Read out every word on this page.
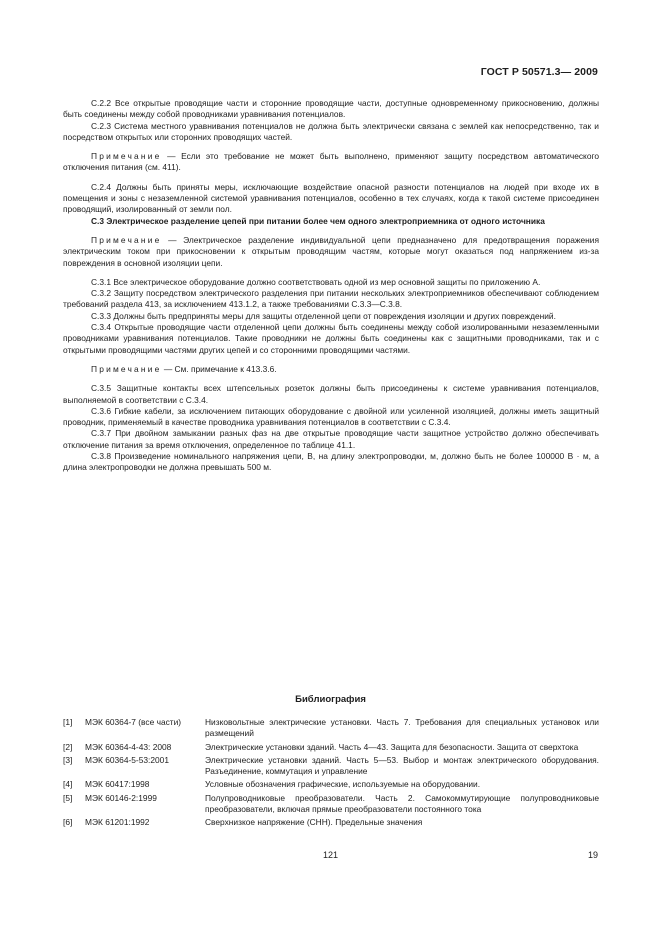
ГОСТ Р 50571.3— 2009

C.2.2 Все открытые проводящие части и сторонние проводящие части, доступные одновременному прикосновению, должны быть соединены между собой проводниками уравнивания потенциалов.

C.2.3 Система местного уравнивания потенциалов не должна быть электрически связана с землей как непосредственно, так и посредством открытых или сторонних проводящих частей.

Примечание — Если это требование не может быть выполнено, применяют защиту посредством автоматического отключения питания (см. 411).

C.2.4 Должны быть приняты меры, исключающие воздействие опасной разности потенциалов на людей при входе их в помещения и зоны с незаземленной системой уравнивания потенциалов, особенно в тех случаях, когда к такой системе присоединен проводящий, изолированный от земли пол.

C.3 Электрическое разделение цепей при питании более чем одного электроприемника от одного источника

Примечание — Электрическое разделение индивидуальной цепи предназначено для предотвращения поражения электрическим током при прикосновении к открытым проводящим частям, которые могут оказаться под напряжением из-за повреждения в основной изоляции цепи.

C.3.1 Все электрическое оборудование должно соответствовать одной из мер основной защиты по приложению А.

C.3.2 Защиту посредством электрического разделения при питании нескольких электроприемников обеспечивают соблюдением требований раздела 413, за исключением 413.1.2, а также требованиями C.3.3—C.3.8.

C.3.3 Должны быть предприняты меры для защиты отделенной цепи от повреждения изоляции и других повреждений.

C.3.4 Открытые проводящие части отделенной цепи должны быть соединены между собой изолированными незаземленными проводниками уравнивания потенциалов. Такие проводники не должны быть соединены как с защитными проводниками, так и с открытыми проводящими частями других цепей и со сторонними проводящими частями.

Примечание — См. примечание к 413.3.6.

C.3.5 Защитные контакты всех штепсельных розеток должны быть присоединены к системе уравнивания потенциалов, выполняемой в соответствии с C.3.4.

C.3.6 Гибкие кабели, за исключением питающих оборудование с двойной или усиленной изоляцией, должны иметь защитный проводник, применяемый в качестве проводника уравнивания потенциалов в соответствии с C.3.4.

C.3.7 При двойном замыкании разных фаз на две открытые проводящие части защитное устройство должно обеспечивать отключение питания за время отключения, определенное по таблице 41.1.

C.3.8 Произведение номинального напряжения цепи, В, на длину электропроводки, м, должно быть не более 100000 В · м, а длина электропроводки не должна превышать 500 м.

Библиография
[1]	МЭК 60364-7 (все части)	Низковольтные электрические установки. Часть 7. Требования для специальных установок или размещений
[2]	МЭК 60364-4-43: 2008	Электрические установки зданий. Часть 4—43. Защита для безопасности. Защита от сверхтока
[3]	МЭК 60364-5-53:2001	Электрические установки зданий. Часть 5—53. Выбор и монтаж электрического оборудования. Разъединение, коммутация и управление
[4]	МЭК 60417:1998	Условные обозначения графические, используемые на оборудовании.
[5]	МЭК 60146-2:1999	Полупроводниковые преобразователи. Часть 2. Самокоммутирующие полупроводниковые преобразователи, включая прямые преобразователи постоянного тока
[6]	МЭК 61201:1992	Сверхнизкое напряжение (СНН). Предельные значения
121	19
